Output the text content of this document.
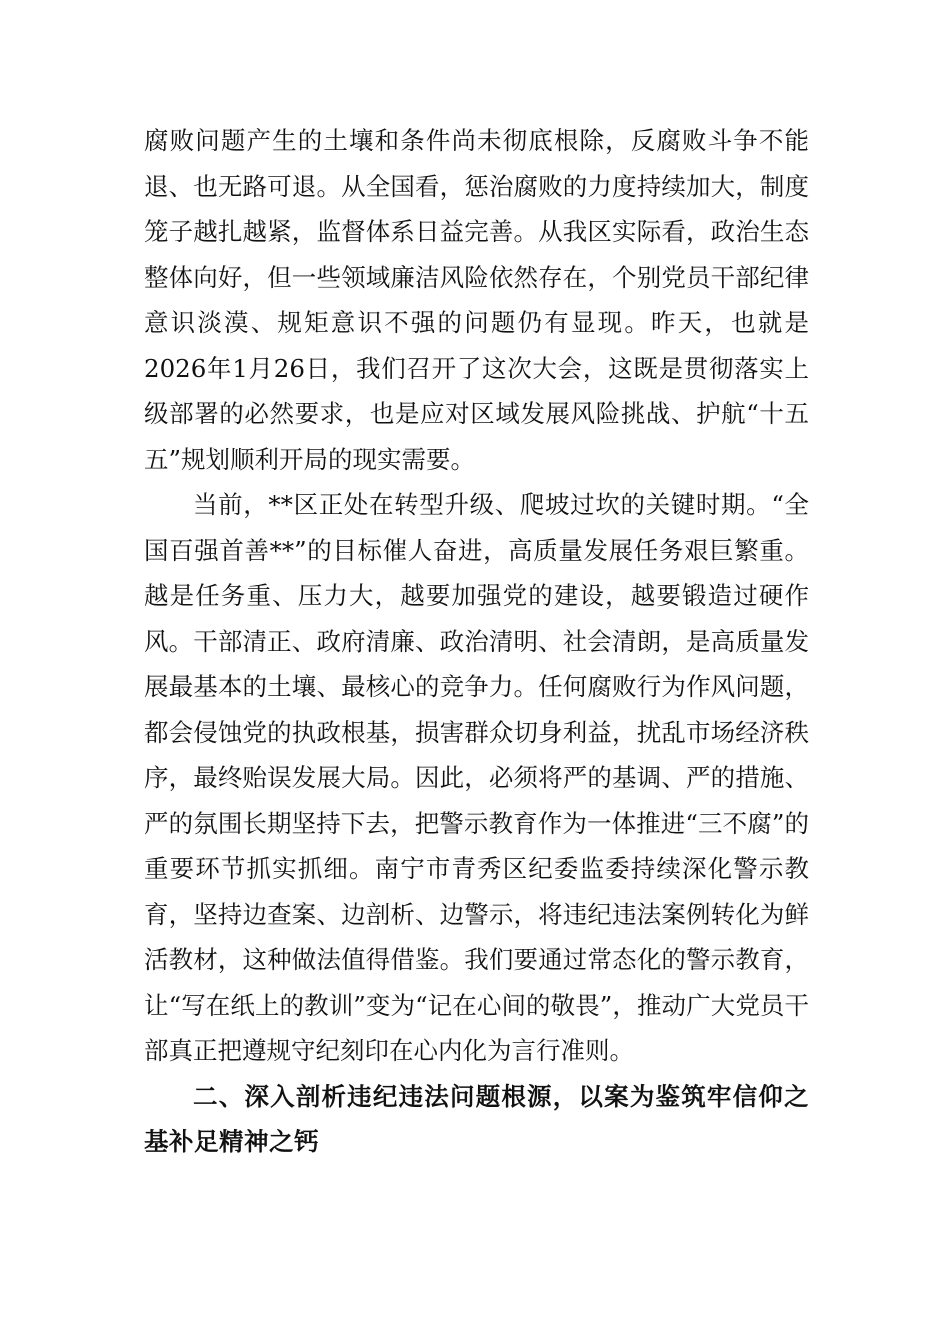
腐败问题产生的土壤和条件尚未彻底根除，反腐败斗争不能退、也无路可退。从全国看，惩治腐败的力度持续加大，制度笼子越扎越紧，监督体系日益完善。从我区实际看，政治生态整体向好，但一些领域廉洁风险依然存在，个别党员干部纪律意识淡漠、规矩意识不强的问题仍有显现。昨天，也就是2026年1月26日，我们召开了这次大会，这既是贯彻落实上级部署的必然要求，也是应对区域发展风险挑战、护航“十五五”规划顺利开局的现实需要。

当前，**区正处在转型升级、爬坡过坎的关键时期。“全国百强首善**”的目标催人奋进，高质量发展任务艰巨繁重。越是任务重、压力大，越要加强党的建设，越要锻造过硬作风。干部清正、政府清廉、政治清明、社会清朗，是高质量发展最基本的土壤、最核心的竞争力。任何腐败行为作风问题，都会侵蚀党的执政根基，损害群众切身利益，扰乱市场经济秩序，最终贻误发展大局。因此，必须将严的基调、严的措施、严的氛围长期坚持下去，把警示教育作为一体推进“三不腐”的重要环节抓实抓细。南宁市青秀区纪委监委持续深化警示教育，坚持边查案、边剖析、边警示，将违纪违法案例转化为鲜活教材，这种做法值得借鉴。我们要通过常态化的警示教育，让“写在纸上的教训”变为“记在心间的敬畏”，推动广大党员干部真正把遵规守纪刻印在心内化为言行准则。

二、深入剖析违纪违法问题根源，以案为鉴筑牢信仰之基补足精神之钙
